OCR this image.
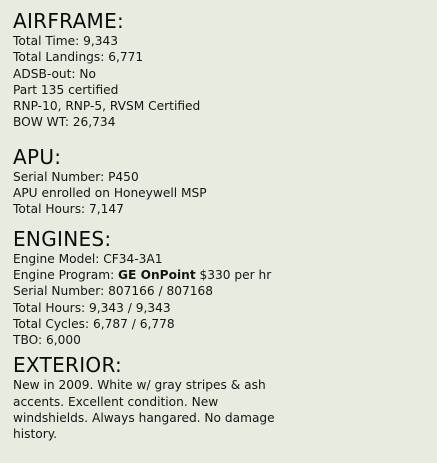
AIRFRAME:

Total Time: 9,343

Total Landings: 6,771

ADSB-out: No

Part 135 certified

RNP-10, RNP-5, RVSM Certified

BOW WT: 26,734

APU:

Serial Number: P450

APU enrolled on Honeywell MSP

Total Hours: 7,147

ENGINES:

Engine Model: CF34-3A1

Engine Program: GE OnPoint $330 per hr

Serial Number: 807166 / 807168

Total Hours: 9,343 / 9,343

Total Cycles: 6,787 / 6,778

TBO: 6,000

EXTERIOR:

New in 2009. White w/ gray stripes & ash accents. Excellent condition. New windshields. Always hangared. No damage history.
